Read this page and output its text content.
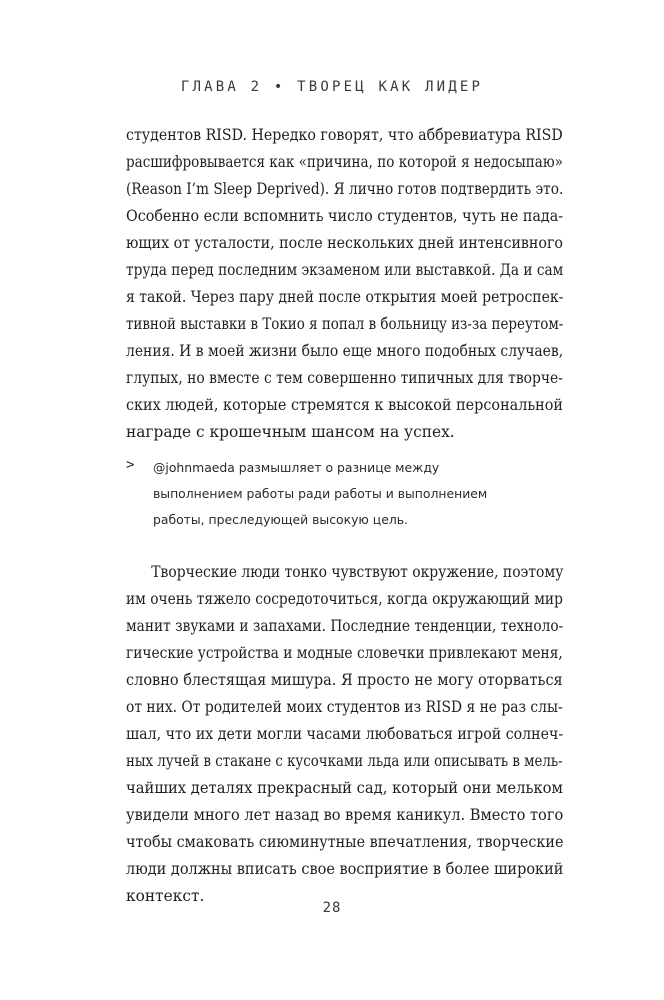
ГЛАВА 2 • ТВОРЕЦ КАК ЛИДЕР
студентов RISD. Нередко говорят, что аббревиатура RISD
расшифровывается как «причина, по которой я недосыпаю»
(Reason I’m Sleep Deprived). Я лично готов подтвердить это.
Особенно если вспомнить число студентов, чуть не пада-
ющих от усталости, после нескольких дней интенсивного
труда перед последним экзаменом или выставкой. Да и сам
я такой. Через пару дней после открытия моей ретроспек-
тивной выставки в Токио я попал в больницу из-за переутом-
ления. И в моей жизни было еще много подобных случаев,
глупых, но вместе с тем совершенно типичных для творче-
ских людей, которые стремятся к высокой персональной
награде с крошечным шансом на успех.
> @johnmaeda размышляет о разнице между
выполнением работы ради работы и выполнением
работы, преследующей высокую цель.
Творческие люди тонко чувствуют окружение, поэтому
им очень тяжело сосредоточиться, когда окружающий мир
манит звуками и запахами. Последние тенденции, техноло-
гические устройства и модные словечки привлекают меня,
словно блестящая мишура. Я просто не могу оторваться
от них. От родителей моих студентов из RISD я не раз слы-
шал, что их дети могли часами любоваться игрой солнеч-
ных лучей в стакане с кусочками льда или описывать в мель-
чайших деталях прекрасный сад, который они мельком
увидели много лет назад во время каникул. Вместо того
чтобы смаковать сиюминутные впечатления, творческие
люди должны вписать свое восприятие в более широкий
контекст.
28
